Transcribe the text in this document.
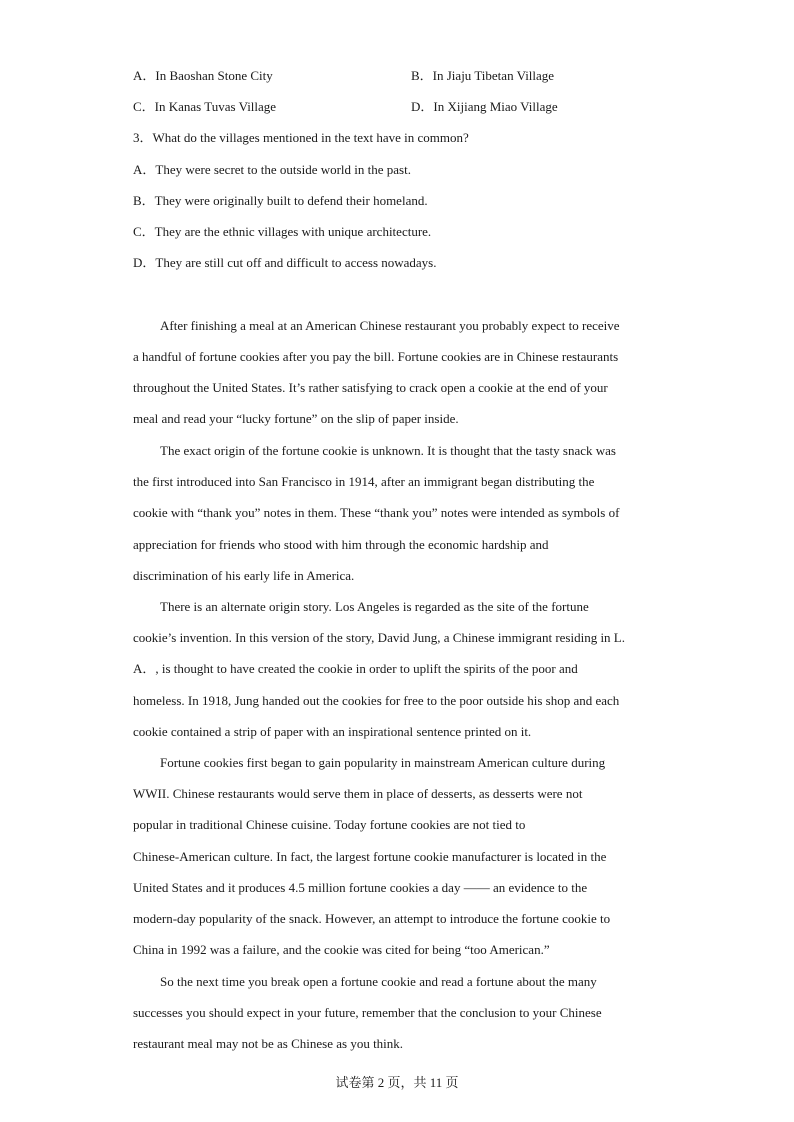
A．In Baoshan Stone City	B．In Jiaju Tibetan Village
C．In Kanas Tuvas Village	D．In Xijiang Miao Village
3．What do the villages mentioned in the text have in common?
A．They were secret to the outside world in the past.
B．They were originally built to defend their homeland.
C．They are the ethnic villages with unique architecture.
D．They are still cut off and difficult to access nowadays.
After finishing a meal at an American Chinese restaurant you probably expect to receive
a handful of fortune cookies after you pay the bill. Fortune cookies are in Chinese restaurants
throughout the United States. It’s rather satisfying to crack open a cookie at the end of your
meal and read your “lucky fortune” on the slip of paper inside.
The exact origin of the fortune cookie is unknown. It is thought that the tasty snack was
the first introduced into San Francisco in 1914, after an immigrant began distributing the
cookie with “thank you” notes in them. These “thank you” notes were intended as symbols of
appreciation for friends who stood with him through the economic hardship and
discrimination of his early life in America.
There is an alternate origin story. Los Angeles is regarded as the site of the fortune
cookie’s invention. In this version of the story, David Jung, a Chinese immigrant residing in L.
A．, is thought to have created the cookie in order to uplift the spirits of the poor and
homeless. In 1918, Jung handed out the cookies for free to the poor outside his shop and each
cookie contained a strip of paper with an inspirational sentence printed on it.
Fortune cookies first began to gain popularity in mainstream American culture during
WWII. Chinese restaurants would serve them in place of desserts, as desserts were not
popular in traditional Chinese cuisine. Today fortune cookies are not tied to
Chinese-American culture. In fact, the largest fortune cookie manufacturer is located in the
United States and it produces 4.5 million fortune cookies a day —— an evidence to the
modern-day popularity of the snack. However, an attempt to introduce the fortune cookie to
China in 1992 was a failure, and the cookie was cited for being “too American.”
So the next time you break open a fortune cookie and read a fortune about the many
successes you should expect in your future, remember that the conclusion to your Chinese
restaurant meal may not be as Chinese as you think.
试卷第 2 页，共 11 页
